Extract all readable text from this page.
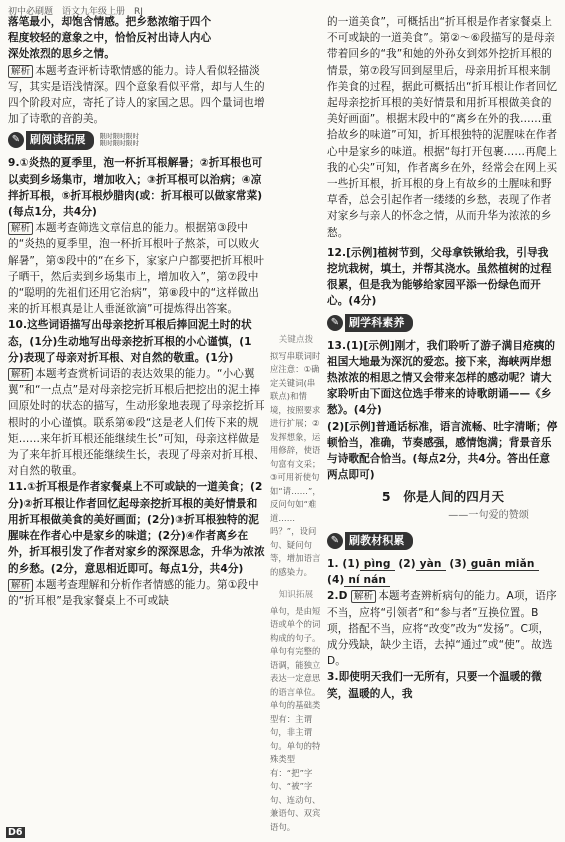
初中必刷题　语文九年级上册　RJ

落笔最小，却饱含情感。把乡愁浓缩于四个

程度较轻的意象之中，恰恰反衬出诗人内心

深处浓烈的思乡之情。

解析 本题考查评析诗歌情感的能力。诗人看似轻描淡写，其实是语浅情深。四个意象看似平常，却与人生的四个阶段对应，寄托了诗人的家国之思。四个量词也增加了诗歌的音韵美。

✎ 刷阅读拓展	限时限时限时 限时限时限时

9.①炎热的夏季里，泡一杯折耳根解暑；②折耳根也可以卖到乡场集市，增加收入；③折耳根可以治病；④凉拌折耳根，⑤折耳根炒腊肉(或：折耳根可以做家常菜)(每点1分，共4分)

解析 本题考查筛选文章信息的能力。根据第③段中的“炎热的夏季里，泡一杯折耳根叶子熬茶，可以败火解暑”，第⑤段中的“在乡下，家家户户都要把折耳根叶子晒干，然后卖到乡场集市上，增加收入”，第⑦段中的“聪明的先祖们还用它治病”，第⑧段中的“这样做出来的折耳根真是让人垂涎欲滴”可提炼得出答案。

10.这些词语描写出母亲挖折耳根后捧回泥土时的状态，(1分)生动地写出母亲挖折耳根的小心谨慎，(1分)表现了母亲对折耳根、对自然的敬重。(1分)

解析 本题考查赏析词语的表达效果的能力。“小心翼翼”和“一点点”是对母亲挖完折耳根后把挖出的泥土捧回原处时的状态的描写，生动形象地表现了母亲挖折耳根时的小心谨慎。联系第⑥段“这是老人们传下来的规矩……来年折耳根还能继续生长”可知，母亲这样做是为了来年折耳根还能继续生长，表现了母亲对折耳根、对自然的敬重。

11.①折耳根是作者家餐桌上不可或缺的一道美食；(2分)②折耳根让作者回忆起母亲挖折耳根的美好情景和用折耳根做美食的美好画面；(2分)③折耳根独特的泥腥味在作者心中是家乡的味道；(2分)④作者离乡在外，折耳根引发了作者对家乡的深深思念，升华为浓浓的乡愁。(2分，意思相近即可。每点1分，共4分)

解析 本题考查理解和分析作者情感的能力。第①段中的“折耳根”是我家餐桌上不可或缺

关键点拨

拟写串联词时应注意：①确定关键词(串联点)和情境，按照要求进行扩展；②发挥想象，运用修辞，使语句富有文采；③可用祈使句如“请……”，反问句如“难道……吗？”，设问句、疑问句等，增加语言的感染力。

知识拓展

单句，是由短语或单个的词构成的句子。单句有完整的语调，能独立表达一定意思的语言单位。单句的基础类型有：主谓句，非主谓句。单句的特殊类型有：“把”字句、“被”字句、连动句、兼语句、双宾语句。

的一道美食”，可概括出“折耳根是作者家餐桌上不可或缺的一道美食”。第②～⑥段描写的是母亲带着回乡的“我”和她的外孙女到郊外挖折耳根的情景，第⑦段写回到屋里后，母亲用折耳根来制作美食的过程，据此可概括出“折耳根让作者回忆起母亲挖折耳根的美好情景和用折耳根做美食的美好画面”。根据末段中的“离乡在外的我……重拾故乡的味道”可知，折耳根独特的泥腥味在作者心中是家乡的味道。根据“每打开包裹……再爬上我的心尖”可知，作者离乡在外，经常会在网上买一些折耳根，折耳根的身上有故乡的土腥味和野草香，总会引起作者一缕缕的乡愁，表现了作者对家乡与亲人的怀念之情，从而升华为浓浓的乡愁。

12.[示例]植树节到，父母拿铁锹给我，引导我挖坑栽树，填土，并帮其浇水。虽然植树的过程很累，但是我为能够给家园平添一份绿色而开心。(4分)

✎ 刷学科素养

13.(1)[示例]刚才，我们聆听了游子满目疮痍的祖国大地最为深沉的爱恋。接下来，海峡两岸想热浓浓的相思之情又会带来怎样的感动呢？请大家聆听由下面这位选手带来的诗歌朗诵——《乡愁》。(4分)

(2)[示例]普通话标准，语言流畅、吐字清晰；停顿恰当，准确，节奏感强，感情饱满；背景音乐与诗歌配合恰当。(每点2分，共4分。答出任意两点即可)

5　你是人间的四月天
——一句爱的赞颂
✎ 刷教材积累

1. (1) pìng (2) yàn (3) guān miǎn

(4) ní nán

2.D 解析 本题考查辨析病句的能力。A项，语序不当，应将“引领者”和“参与者”互换位置。B项，搭配不当，应将“改变”改为“发扬”。C项，成分残缺，缺少主语，去掉“通过”或“使”。故选D。

3.即使明天我们一无所有，只要一个温暖的微笑，温暖的人，我

D6
